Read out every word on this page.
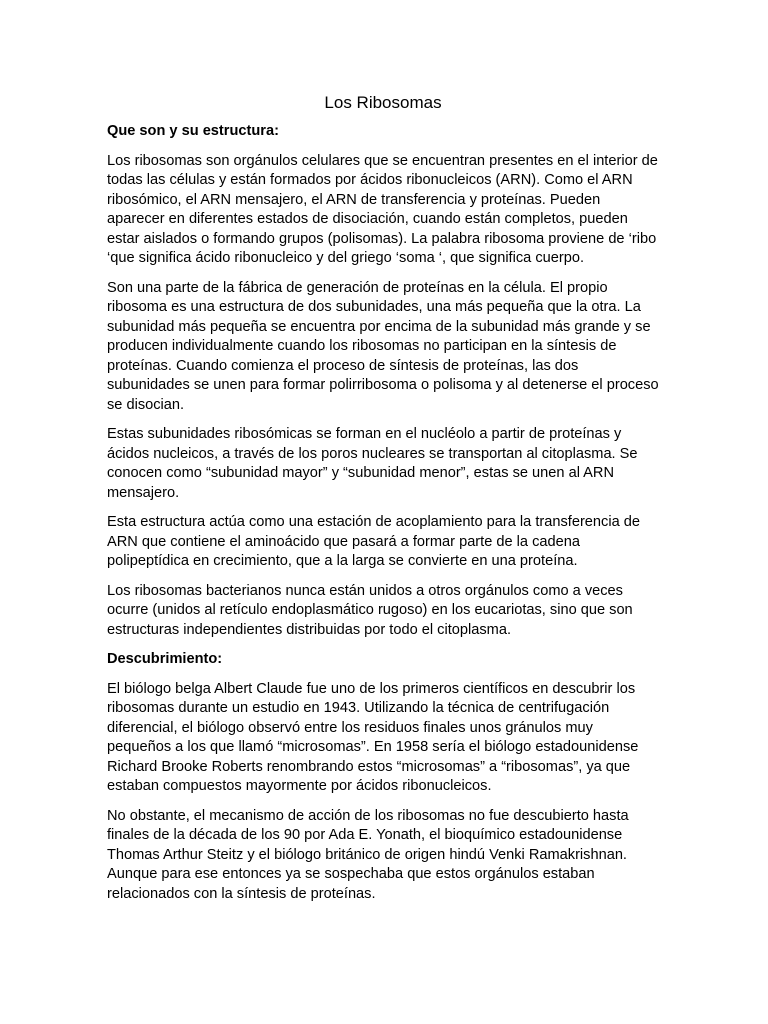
Los Ribosomas
Que son y su estructura:

Los ribosomas son orgánulos celulares que se encuentran presentes en el interior de todas las células y están formados por ácidos ribonucleicos (ARN). Como el ARN ribosómico, el ARN mensajero, el ARN de transferencia y proteínas. Pueden aparecer en diferentes estados de disociación, cuando están completos, pueden estar aislados o formando grupos (polisomas). La palabra ribosoma proviene de ‘ribo ‘que significa ácido ribonucleico y del griego ‘soma ‘, que significa cuerpo.

Son una parte de la fábrica de generación de proteínas en la célula. El propio ribosoma es una estructura de dos subunidades, una más pequeña que la otra. La subunidad más pequeña se encuentra por encima de la subunidad más grande y se producen individualmente cuando los ribosomas no participan en la síntesis de proteínas. Cuando comienza el proceso de síntesis de proteínas, las dos subunidades se unen para formar polirribosoma o polisoma y al detenerse el proceso se disocian.

Estas subunidades ribosómicas se forman en el nucléolo a partir de proteínas y ácidos nucleicos, a través de los poros nucleares se transportan al citoplasma. Se conocen como “subunidad mayor” y “subunidad menor”, estas se unen al ARN mensajero.

Esta estructura actúa como una estación de acoplamiento para la transferencia de ARN que contiene el aminoácido que pasará a formar parte de la cadena polipeptídica en crecimiento, que a la larga se convierte en una proteína.

Los ribosomas bacterianos nunca están unidos a otros orgánulos como a veces ocurre (unidos al retículo endoplasmático rugoso) en los eucariotas, sino que son estructuras independientes distribuidas por todo el citoplasma.

Descubrimiento:

El biólogo belga Albert Claude fue uno de los primeros científicos en descubrir los ribosomas durante un estudio en 1943. Utilizando la técnica de centrifugación diferencial, el biólogo observó entre los residuos finales unos gránulos muy pequeños a los que llamó “microsomas”. En 1958 sería el biólogo estadounidense Richard Brooke Roberts renombrando estos “microsomas” a “ribosomas”, ya que estaban compuestos mayormente por ácidos ribonucleicos.

No obstante, el mecanismo de acción de los ribosomas no fue descubierto hasta finales de la década de los 90 por Ada E. Yonath, el bioquímico estadounidense Thomas Arthur Steitz y el biólogo británico de origen hindú Venki Ramakrishnan. Aunque para ese entonces ya se sospechaba que estos orgánulos estaban relacionados con la síntesis de proteínas.
